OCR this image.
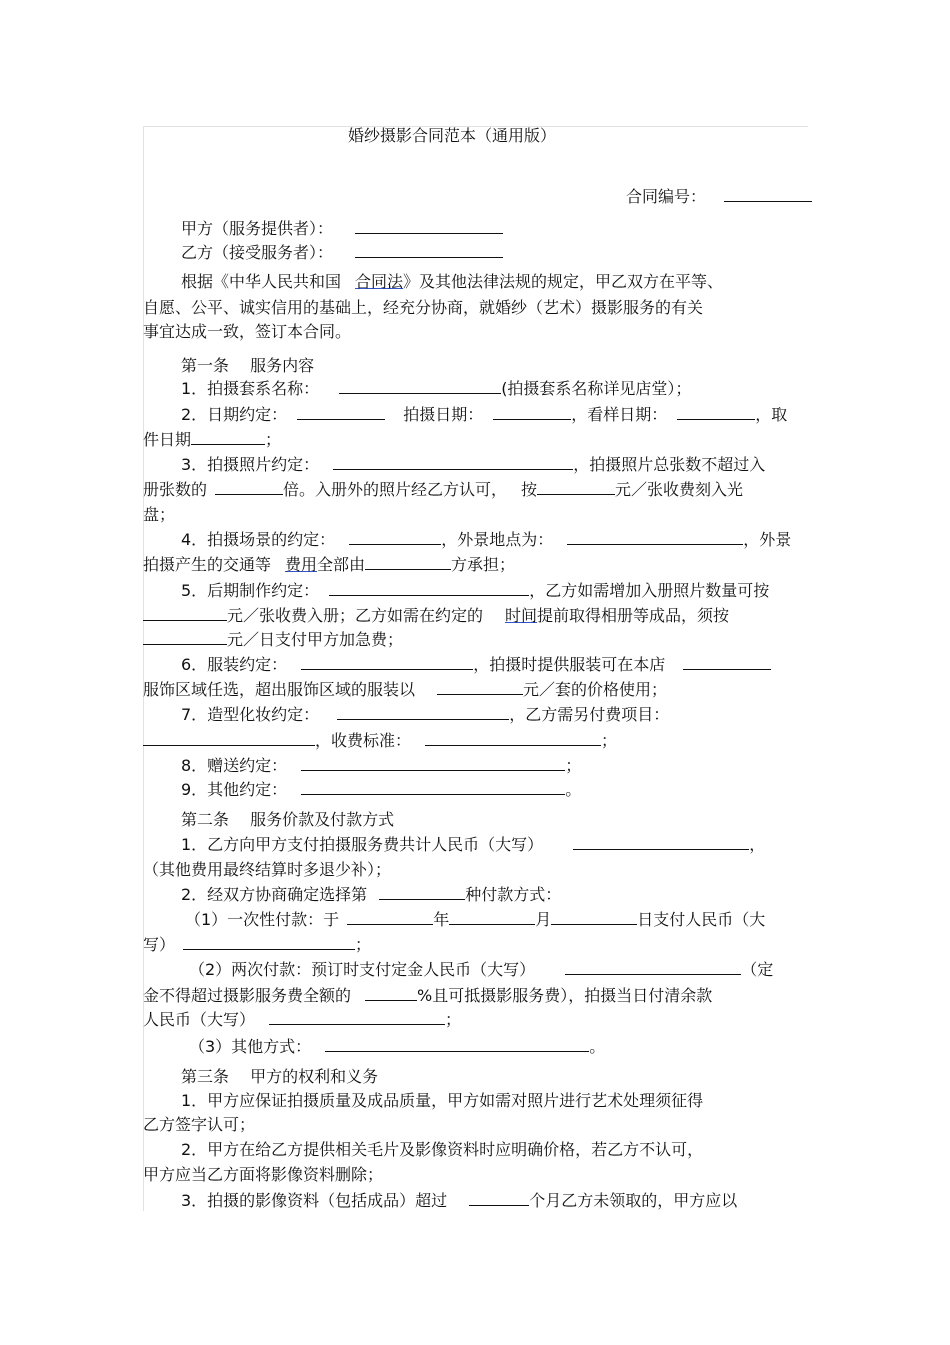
婚纱摄影合同范本（通用版）
合同编号：
甲方（服务提供者）：
乙方（接受服务者）：
根据《中华人民共和国 合同法》及其他法律法规的规定，甲乙双方在平等、
自愿、公平、诚实信用的基础上，经充分协商，就婚纱（艺术）摄影服务的有关
事宜达成一致，签订本合同。
第一条　 服务内容
1．拍摄套系名称：	(拍摄套系名称详见店堂）；
2．日期约定：	拍摄日期：	，看样日期：	，取
件日期	；
3．拍摄照片约定：	，拍摄照片总张数不超过入
册张数的	倍。入册外的照片经乙方认可， 按	元／张收费刻入光
盘；
4．拍摄场景的约定：	，外景地点为：	，外景
拍摄产生的交通等 费用全部由	方承担；
5．后期制作约定：	，乙方如需增加入册照片数量可按
元／张收费入册；乙方如需在约定的 时间提前取得相册等成品，须按
元／日支付甲方加急费；
6．服装约定：	，拍摄时提供服装可在本店
服饰区域任选，超出服饰区域的服装以	元／套的价格使用；
7．造型化妆约定：	，乙方需另付费项目：
，收费标准：	；
8．赠送约定：	；
9．其他约定：	。
第二条　 服务价款及付款方式
1．乙方向甲方支付拍摄服务费共计人民币（大写）	，
（其他费用最终结算时多退少补）；
2．经双方协商确定选择第	种付款方式：
（1）一次性付款：于	年	月	日支付人民币（大
写）	；
（2）两次付款：预订时支付定金人民币（大写）	（定
金不得超过摄影服务费全额的	%且可抵摄影服务费），拍摄当日付清余款
人民币（大写）	；
（3）其他方式：	。
第三条　 甲方的权利和义务
1．甲方应保证拍摄质量及成品质量，甲方如需对照片进行艺术处理须征得
乙方签字认可；
2．甲方在给乙方提供相关毛片及影像资料时应明确价格，若乙方不认可，
甲方应当乙方面将影像资料删除；
3．拍摄的影像资料（包括成品）超过	个月乙方未领取的，甲方应以
